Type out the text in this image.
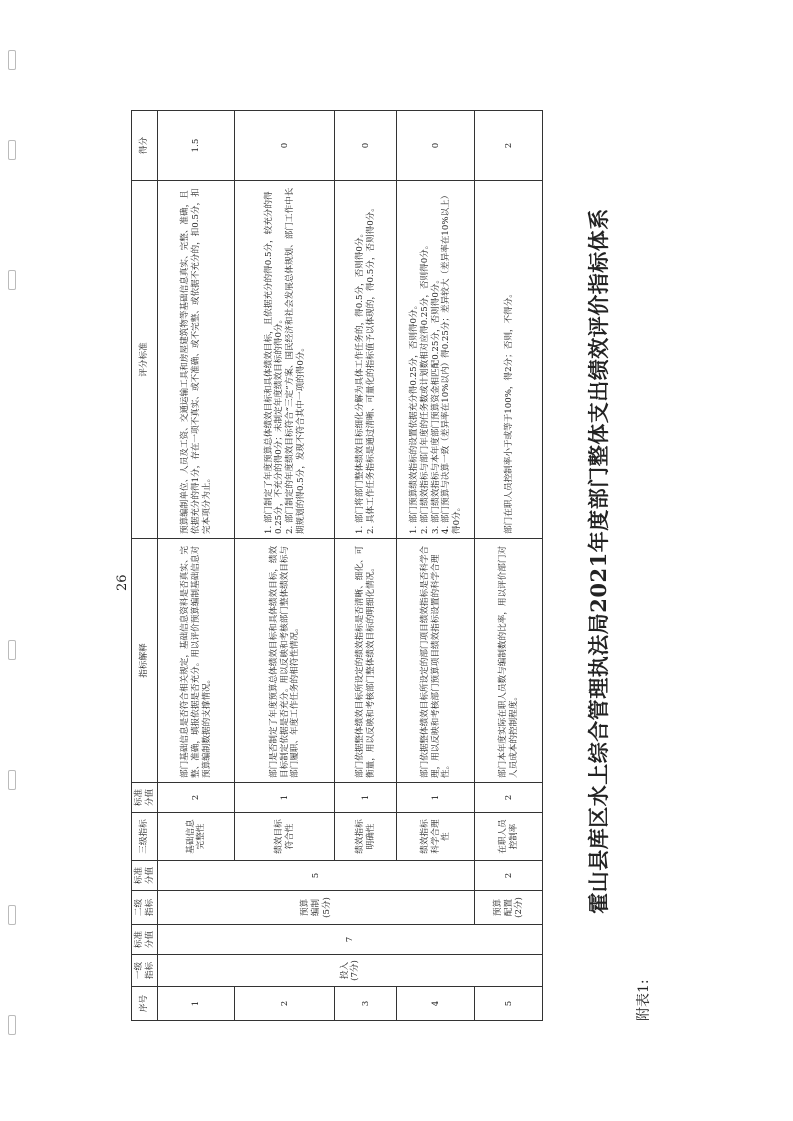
附表1:
霍山县库区水上综合管理执法局2021年度部门整体支出绩效评价指标体系
26
序号	一级指标	标准分值	二级指标	标准分值	三级指标	标准分值	指标解释	评分标准	得分
1	投入(7分)	7	预算编制(5分)	5	基础信息完整性	2	部门基础信息是否符合相关规定，基础信息资料是否真实、完整、准确，填报依据是否充分。用以评价预算编制基础信息对预算编制数据的支撑情况。	预算编制单位、人员及工资、交通运输工具和房屋建筑物等基础信息真实、完整、准确，且依据充分的得1分，存在一项不真实、或不准确、或不完整、或依据不充分的，扣0.5分，扣完本项分为止。	1.5
2					绩效目标符合性	1	部门是否制定了年度预算总体绩效目标和具体绩效目标，绩效目标制定依据是否充分。用以反映和考核部门整体绩效目标与部门履职、年度工作任务的相符性情况。	1. 部门制定了年度预算总体绩效目标和具体绩效目标，且依据充分的得0.5分，较充分的得0.25分，不充分的得0分；未制定年度绩效目标的得0分。 2. 部门制定的年度绩效目标符合“三定”方案、国民经济和社会发展总体规划、部门工作中长期规划的得0.5分，发现不符合其中一项的得0分。	0
3					绩效指标明确性	1	部门依据整体绩效目标所设定的绩效指标是否清晰、细化、可衡量，用以反映和考核部门整体绩效目标的明细化情况。	1. 部门将部门整体绩效目标细化分解为具体工作任务的，得0.5分，否则得0分。 2. 具体工作任务指标是通过清晰、可量化的指标值予以体现的，得0.5分，否则得0分。	0
4					绩效指标科学合理性	1	部门依据整体绩效目标所设定的部门项目绩效指标是否科学合理，用以反映和考核部门预算项目绩效指标设置的科学合理性。	1. 部门预算绩效指标的设置依据充分得0.25分，否则得0分。 2. 部门绩效指标与部门年度的任务数或计划数相对应得0.25分，否则得0分。 3. 部门绩效指标与本年度部门预算资金相匹配0.25分，否则得0分。 4. 部门预算与决算一致（差异率在10%以内）得0.25分；差异较大（差异率在10%以上）得0分。	0
5			预算配置(2分)	2	在职人员控制率	2	部门本年度实际在职人员数与编制数的比率，用以评价部门对人员成本的控制程度。	部门在职人员控制率小于或等于100%，得2分；否则，不得分。	2
